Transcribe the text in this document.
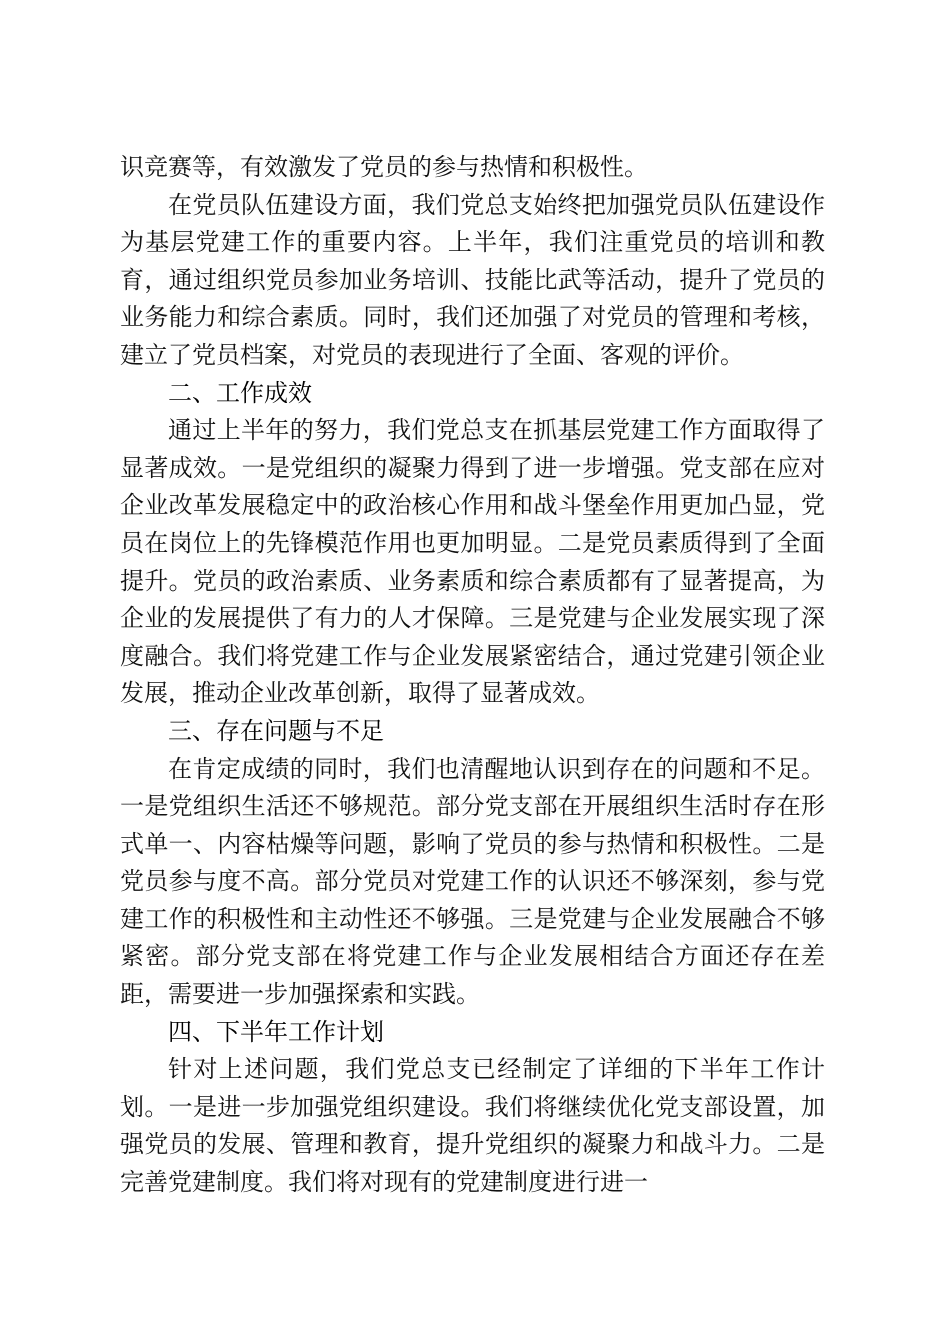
识竞赛等，有效激发了党员的参与热情和积极性。

在党员队伍建设方面，我们党总支始终把加强党员队伍建设作为基层党建工作的重要内容。上半年，我们注重党员的培训和教育，通过组织党员参加业务培训、技能比武等活动，提升了党员的业务能力和综合素质。同时，我们还加强了对党员的管理和考核，建立了党员档案，对党员的表现进行了全面、客观的评价。

二、工作成效

通过上半年的努力，我们党总支在抓基层党建工作方面取得了显著成效。一是党组织的凝聚力得到了进一步增强。党支部在应对企业改革发展稳定中的政治核心作用和战斗堡垒作用更加凸显，党员在岗位上的先锋模范作用也更加明显。二是党员素质得到了全面提升。党员的政治素质、业务素质和综合素质都有了显著提高，为企业的发展提供了有力的人才保障。三是党建与企业发展实现了深度融合。我们将党建工作与企业发展紧密结合，通过党建引领企业发展，推动企业改革创新，取得了显著成效。

三、存在问题与不足

在肯定成绩的同时，我们也清醒地认识到存在的问题和不足。一是党组织生活还不够规范。部分党支部在开展组织生活时存在形式单一、内容枯燥等问题，影响了党员的参与热情和积极性。二是党员参与度不高。部分党员对党建工作的认识还不够深刻，参与党建工作的积极性和主动性还不够强。三是党建与企业发展融合不够紧密。部分党支部在将党建工作与企业发展相结合方面还存在差距，需要进一步加强探索和实践。

四、下半年工作计划

针对上述问题，我们党总支已经制定了详细的下半年工作计划。一是进一步加强党组织建设。我们将继续优化党支部设置，加强党员的发展、管理和教育，提升党组织的凝聚力和战斗力。二是完善党建制度。我们将对现有的党建制度进行进一
